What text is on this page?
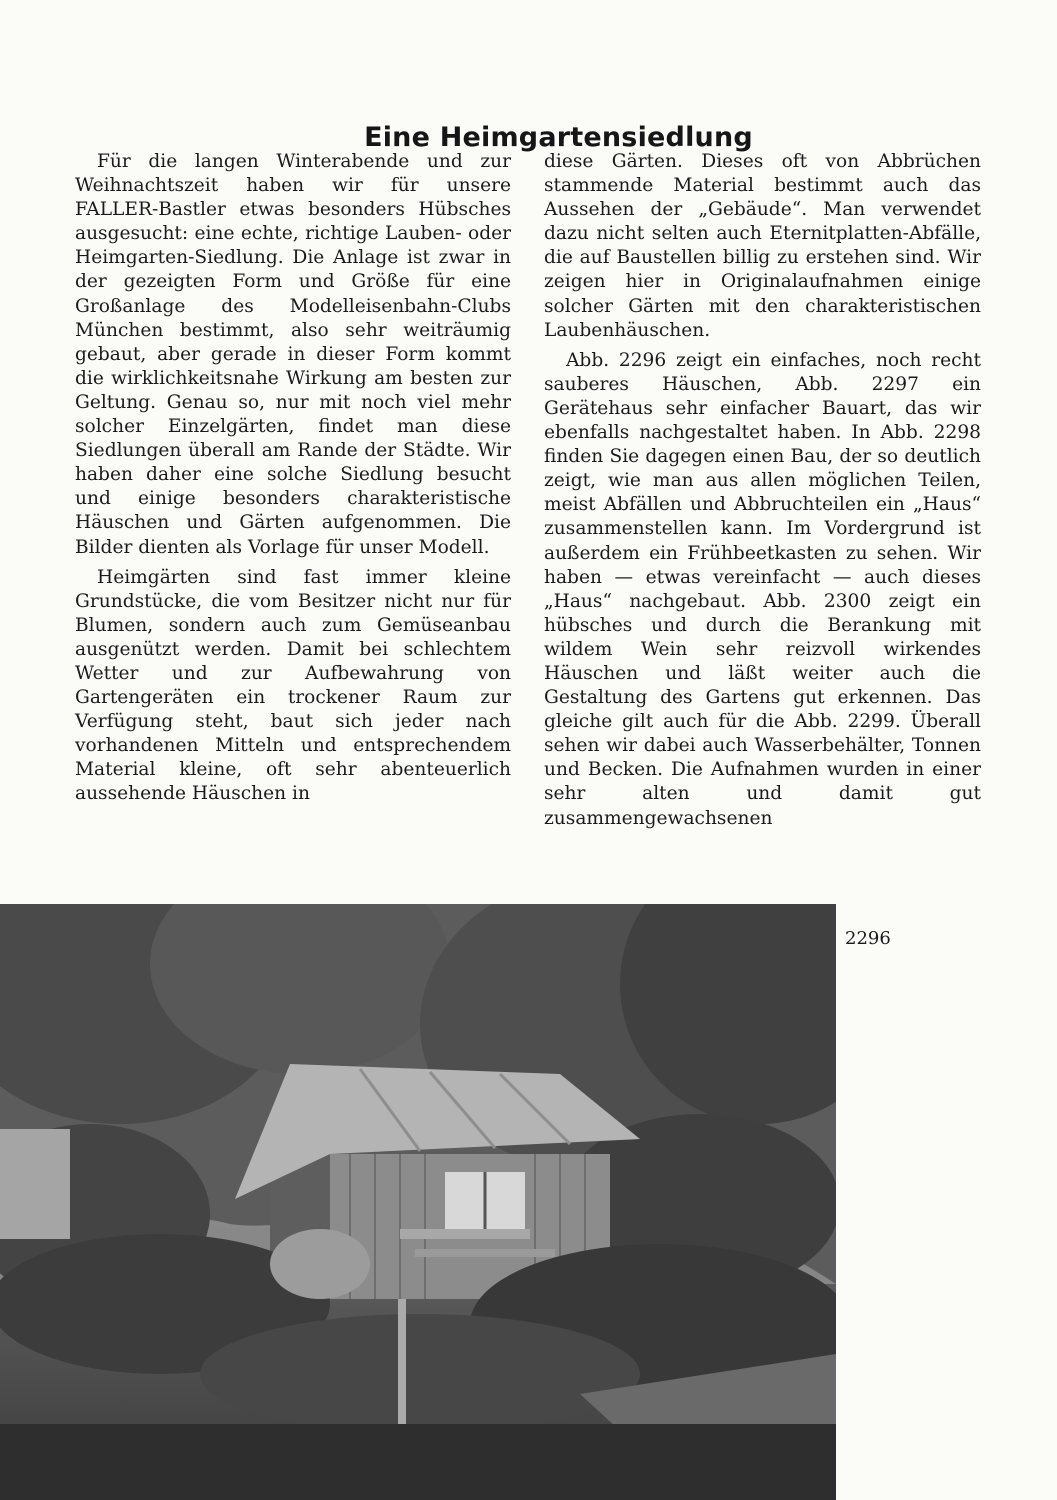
Eine Heimgartensiedlung

Für die langen Winterabende und zur Weihnachtszeit haben wir für unsere FALLER-Bastler etwas besonders Hübsches ausgesucht: eine echte, richtige Lauben- oder Heimgarten-Siedlung. Die Anlage ist zwar in der gezeigten Form und Größe für eine Großanlage des Modelleisenbahn-Clubs München bestimmt, also sehr weiträumig gebaut, aber gerade in dieser Form kommt die wirklichkeitsnahe Wirkung am besten zur Geltung. Genau so, nur mit noch viel mehr solcher Einzelgärten, findet man diese Siedlungen überall am Rande der Städte. Wir haben daher eine solche Siedlung besucht und einige besonders charakteristische Häuschen und Gärten aufgenommen. Die Bilder dienten als Vorlage für unser Modell.

Heimgärten sind fast immer kleine Grundstücke, die vom Besitzer nicht nur für Blumen, sondern auch zum Gemüseanbau ausgenützt werden. Damit bei schlechtem Wetter und zur Aufbewahrung von Gartengeräten ein trockener Raum zur Verfügung steht, baut sich jeder nach vorhandenen Mitteln und entsprechendem Material kleine, oft sehr abenteuerlich aussehende Häuschen in

diese Gärten. Dieses oft von Abbrüchen stammende Material bestimmt auch das Aussehen der „Gebäude“. Man verwendet dazu nicht selten auch Eternitplatten-Abfälle, die auf Baustellen billig zu erstehen sind. Wir zeigen hier in Originalaufnahmen einige solcher Gärten mit den charakteristischen Laubenhäuschen.

Abb. 2296 zeigt ein einfaches, noch recht sauberes Häuschen, Abb. 2297 ein Gerätehaus sehr einfacher Bauart, das wir ebenfalls nachgestaltet haben. In Abb. 2298 finden Sie dagegen einen Bau, der so deutlich zeigt, wie man aus allen möglichen Teilen, meist Abfällen und Abbruchteilen ein „Haus“ zusammenstellen kann. Im Vordergrund ist außerdem ein Frühbeetkasten zu sehen. Wir haben — etwas vereinfacht — auch dieses „Haus“ nachgebaut. Abb. 2300 zeigt ein hübsches und durch die Berankung mit wildem Wein sehr reizvoll wirkendes Häuschen und läßt weiter auch die Gestaltung des Gartens gut erkennen. Das gleiche gilt auch für die Abb. 2299. Überall sehen wir dabei auch Wasserbehälter, Tonnen und Becken. Die Aufnahmen wurden in einer sehr alten und damit gut zusammengewachsenen

2296
